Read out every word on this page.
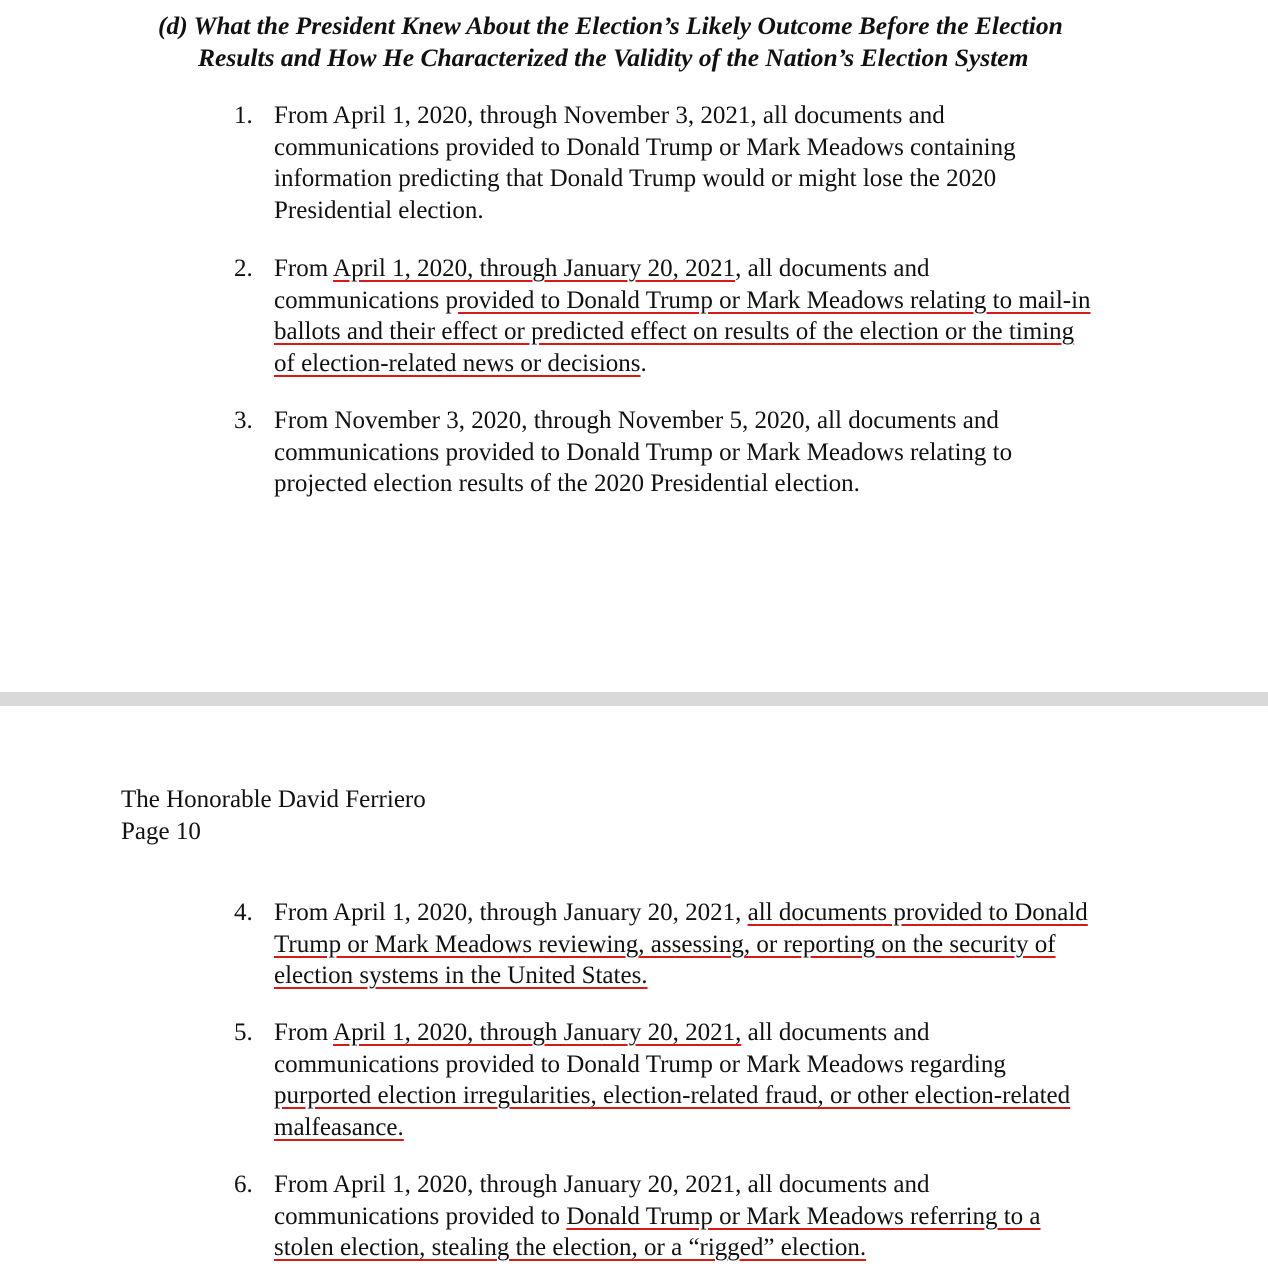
(d) What the President Knew About the Election’s Likely Outcome Before the Election
Results and How He Characterized the Validity of the Nation’s Election System
1. From April 1, 2020, through November 3, 2021, all documents and
communications provided to Donald Trump or Mark Meadows containing
information predicting that Donald Trump would or might lose the 2020
Presidential election.
2. From April 1, 2020, through January 20, 2021, all documents and
communications provided to Donald Trump or Mark Meadows relating to mail-in
ballots and their effect or predicted effect on results of the election or the timing
of election-related news or decisions.
3. From November 3, 2020, through November 5, 2020, all documents and
communications provided to Donald Trump or Mark Meadows relating to
projected election results of the 2020 Presidential election.
The Honorable David Ferriero
Page 10
4. From April 1, 2020, through January 20, 2021, all documents provided to Donald
Trump or Mark Meadows reviewing, assessing, or reporting on the security of
election systems in the United States.
5. From April 1, 2020, through January 20, 2021, all documents and
communications provided to Donald Trump or Mark Meadows regarding
purported election irregularities, election-related fraud, or other election-related
malfeasance.
6. From April 1, 2020, through January 20, 2021, all documents and
communications provided to Donald Trump or Mark Meadows referring to a
stolen election, stealing the election, or a “rigged” election.
